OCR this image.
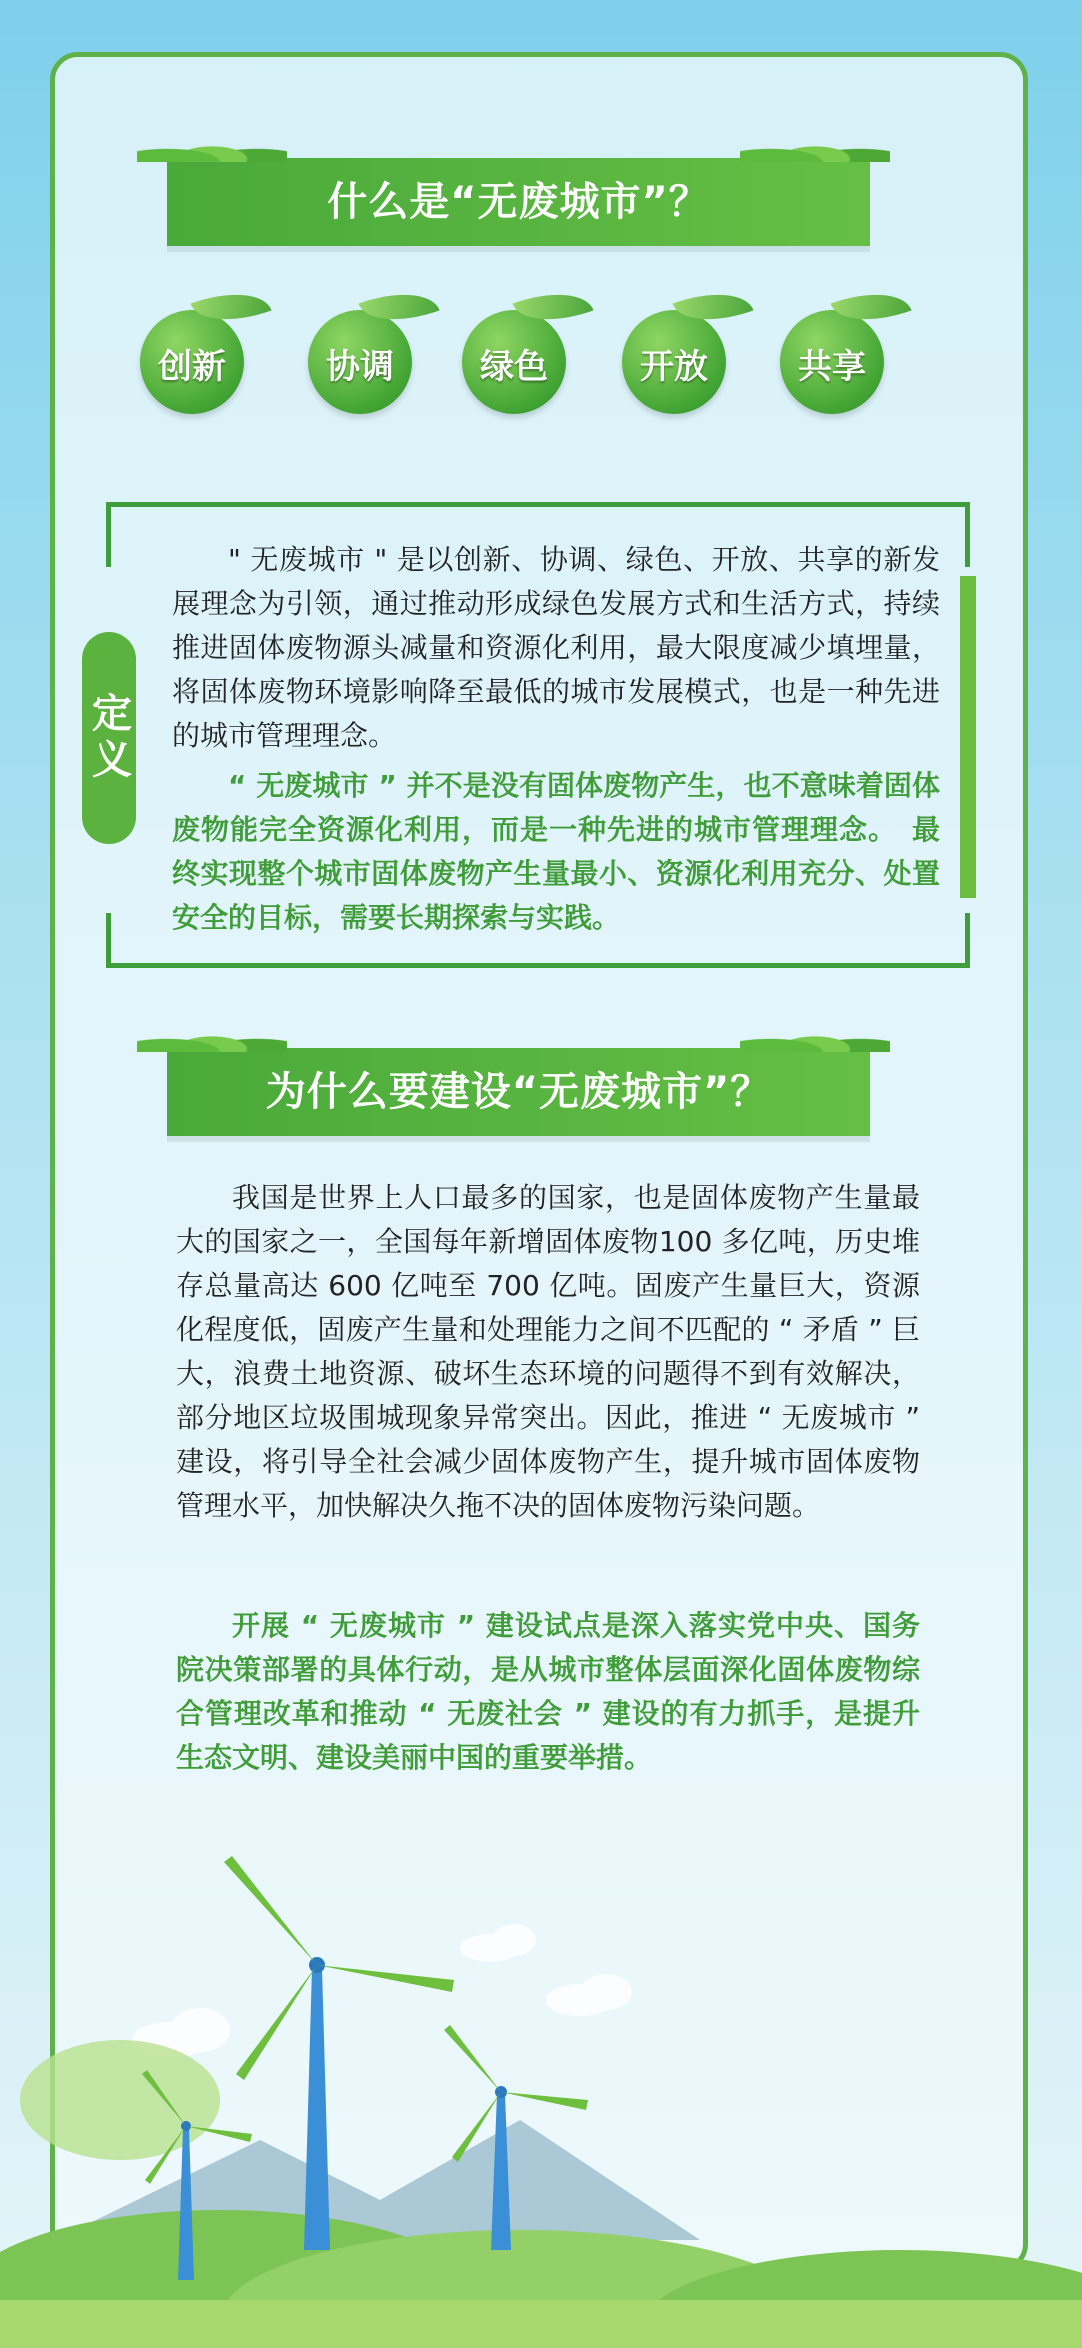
什么是“无废城市”？
创新	协调	绿色	开放	共享
定义

" 无废城市 " 是以创新、协调、绿色、开放、共享的新发展理念为引领，通过推动形成绿色发展方式和生活方式，持续推进固体废物源头减量和资源化利用，最大限度减少填埋量，将固体废物环境影响降至最低的城市发展模式，也是一种先进的城市管理理念。

“ 无废城市 ” 并不是没有固体废物产生，也不意味着固体废物能完全资源化利用，而是一种先进的城市管理理念。　最终实现整个城市固体废物产生量最小、资源化利用充分、处置安全的目标，需要长期探索与实践。

为什么要建设“无废城市”？

我国是世界上人口最多的国家，也是固体废物产生量最大的国家之一，全国每年新增固体废物100 多亿吨，历史堆存总量高达 600 亿吨至 700 亿吨。固废产生量巨大，资源化程度低，固废产生量和处理能力之间不匹配的 “ 矛盾 ” 巨大，浪费土地资源、破坏生态环境的问题得不到有效解决，部分地区垃圾围城现象异常突出。因此，推进 “ 无废城市 ” 建设，将引导全社会减少固体废物产生，提升城市固体废物管理水平，加快解决久拖不决的固体废物污染问题。

开展 “ 无废城市 ” 建设试点是深入落实党中央、国务院决策部署的具体行动，是从城市整体层面深化固体废物综合管理改革和推动 “ 无废社会 ” 建设的有力抓手，是提升生态文明、建设美丽中国的重要举措。
